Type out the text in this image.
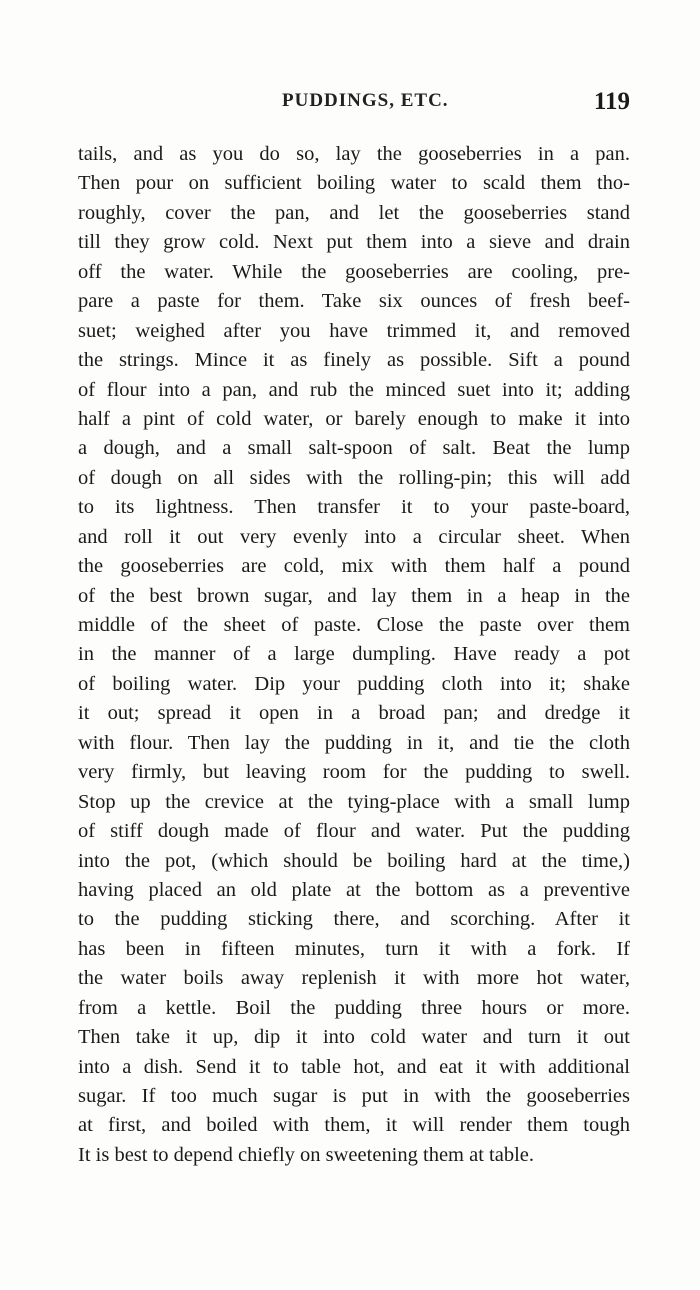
PUDDINGS, ETC.	119
tails, and as you do so, lay the gooseberries in a pan.
Then pour on sufficient boiling water to scald them tho-
roughly, cover the pan, and let the gooseberries stand
till they grow cold. Next put them into a sieve and drain
off the water. While the gooseberries are cooling, pre-
pare a paste for them. Take six ounces of fresh beef-
suet; weighed after you have trimmed it, and removed
the strings. Mince it as finely as possible. Sift a pound
of flour into a pan, and rub the minced suet into it; adding
half a pint of cold water, or barely enough to make it into
a dough, and a small salt-spoon of salt. Beat the lump
of dough on all sides with the rolling-pin; this will add
to its lightness. Then transfer it to your paste-board,
and roll it out very evenly into a circular sheet. When
the gooseberries are cold, mix with them half a pound
of the best brown sugar, and lay them in a heap in the
middle of the sheet of paste. Close the paste over them
in the manner of a large dumpling. Have ready a pot
of boiling water. Dip your pudding cloth into it; shake
it out; spread it open in a broad pan; and dredge it
with flour. Then lay the pudding in it, and tie the cloth
very firmly, but leaving room for the pudding to swell.
Stop up the crevice at the tying-place with a small lump
of stiff dough made of flour and water. Put the pudding
into the pot, (which should be boiling hard at the time,)
having placed an old plate at the bottom as a preventive
to the pudding sticking there, and scorching. After it
has been in fifteen minutes, turn it with a fork. If
the water boils away replenish it with more hot water,
from a kettle. Boil the pudding three hours or more.
Then take it up, dip it into cold water and turn it out
into a dish. Send it to table hot, and eat it with additional
sugar. If too much sugar is put in with the gooseberries
at first, and boiled with them, it will render them tough
It is best to depend chiefly on sweetening them at table.
